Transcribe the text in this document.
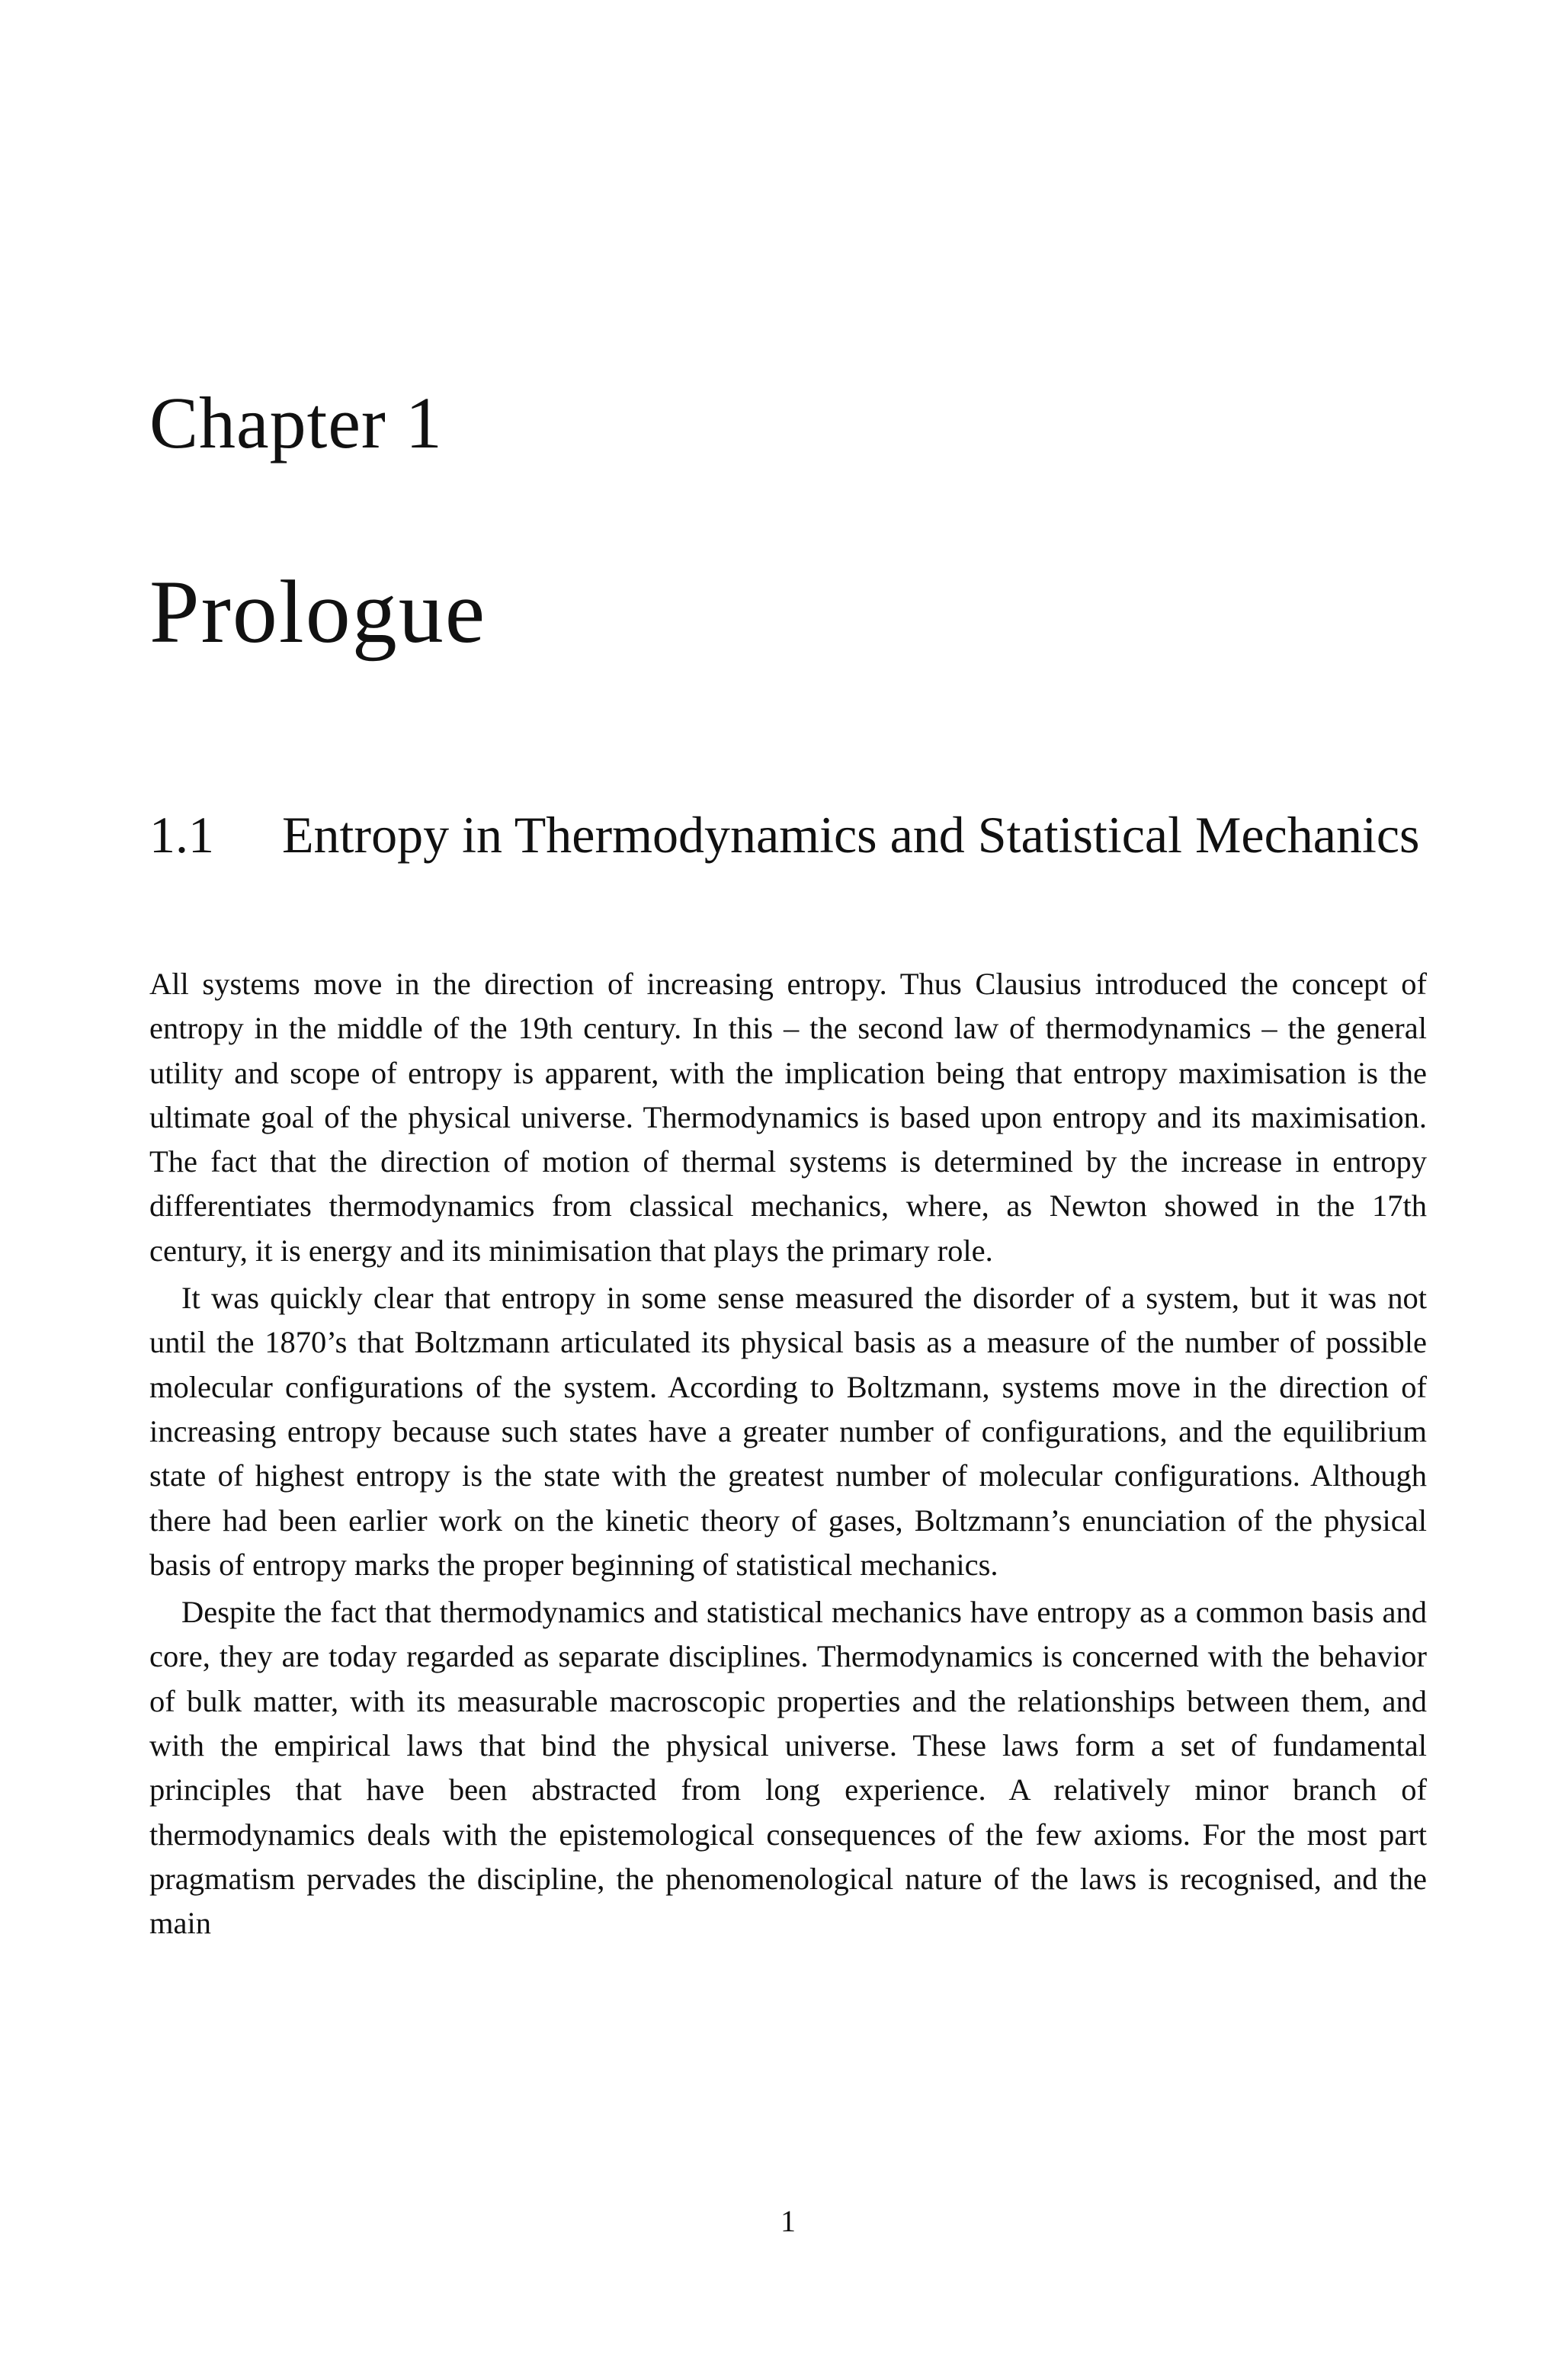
Chapter 1
Prologue
1.1	Entropy in Thermodynamics and Statistical Mechanics

All systems move in the direction of increasing entropy. Thus Clausius introduced the concept of entropy in the middle of the 19th century. In this – the second law of thermodynamics – the general utility and scope of entropy is apparent, with the implication being that entropy maximisation is the ultimate goal of the physical universe. Thermodynamics is based upon entropy and its maximisation. The fact that the direction of motion of thermal systems is determined by the increase in entropy differentiates thermodynamics from classical mechanics, where, as Newton showed in the 17th century, it is energy and its minimisation that plays the primary role.

It was quickly clear that entropy in some sense measured the disorder of a system, but it was not until the 1870’s that Boltzmann articulated its physical basis as a measure of the number of possible molecular configurations of the system. According to Boltzmann, systems move in the direction of increasing entropy because such states have a greater number of configurations, and the equilibrium state of highest entropy is the state with the greatest number of molecular configurations. Although there had been earlier work on the kinetic theory of gases, Boltzmann’s enunciation of the physical basis of entropy marks the proper beginning of statistical mechanics.

Despite the fact that thermodynamics and statistical mechanics have entropy as a common basis and core, they are today regarded as separate disciplines. Thermodynamics is concerned with the behavior of bulk matter, with its measurable macroscopic properties and the relationships between them, and with the empirical laws that bind the physical universe. These laws form a set of fundamental principles that have been abstracted from long experience. A relatively minor branch of thermodynamics deals with the epistemological consequences of the few axioms. For the most part pragmatism pervades the discipline, the phenomenological nature of the laws is recognised, and the main

1
